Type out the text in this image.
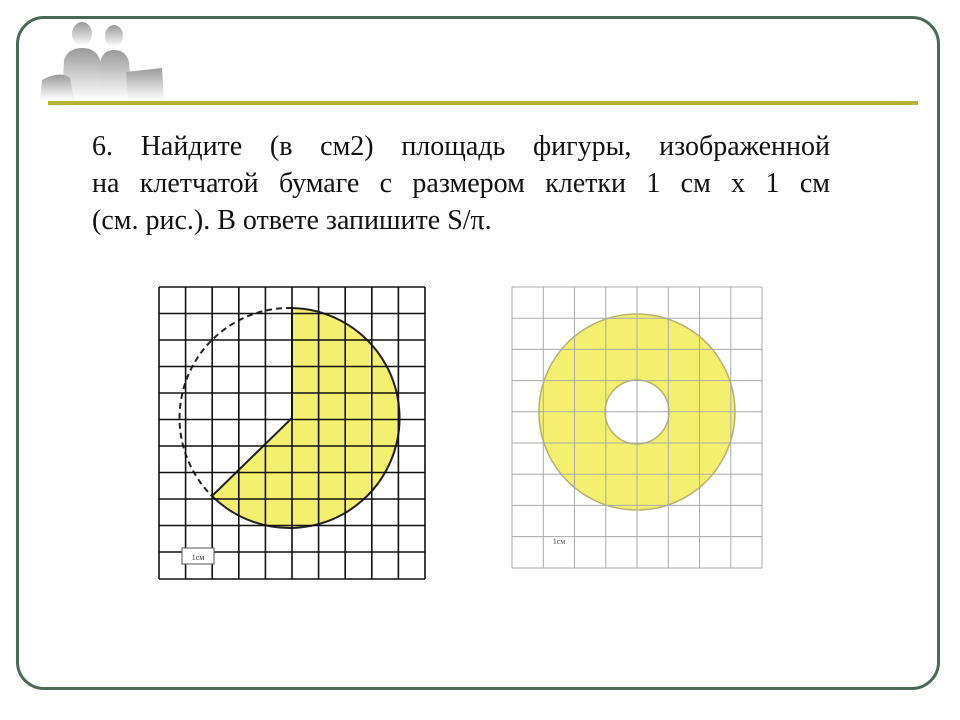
6. Найдите (в см2) площадь фигуры, изображенной
на клетчатой бумаге с размером клетки 1 см х 1 см
(см. рис.). В ответе запишите S/π.
1см
1см
